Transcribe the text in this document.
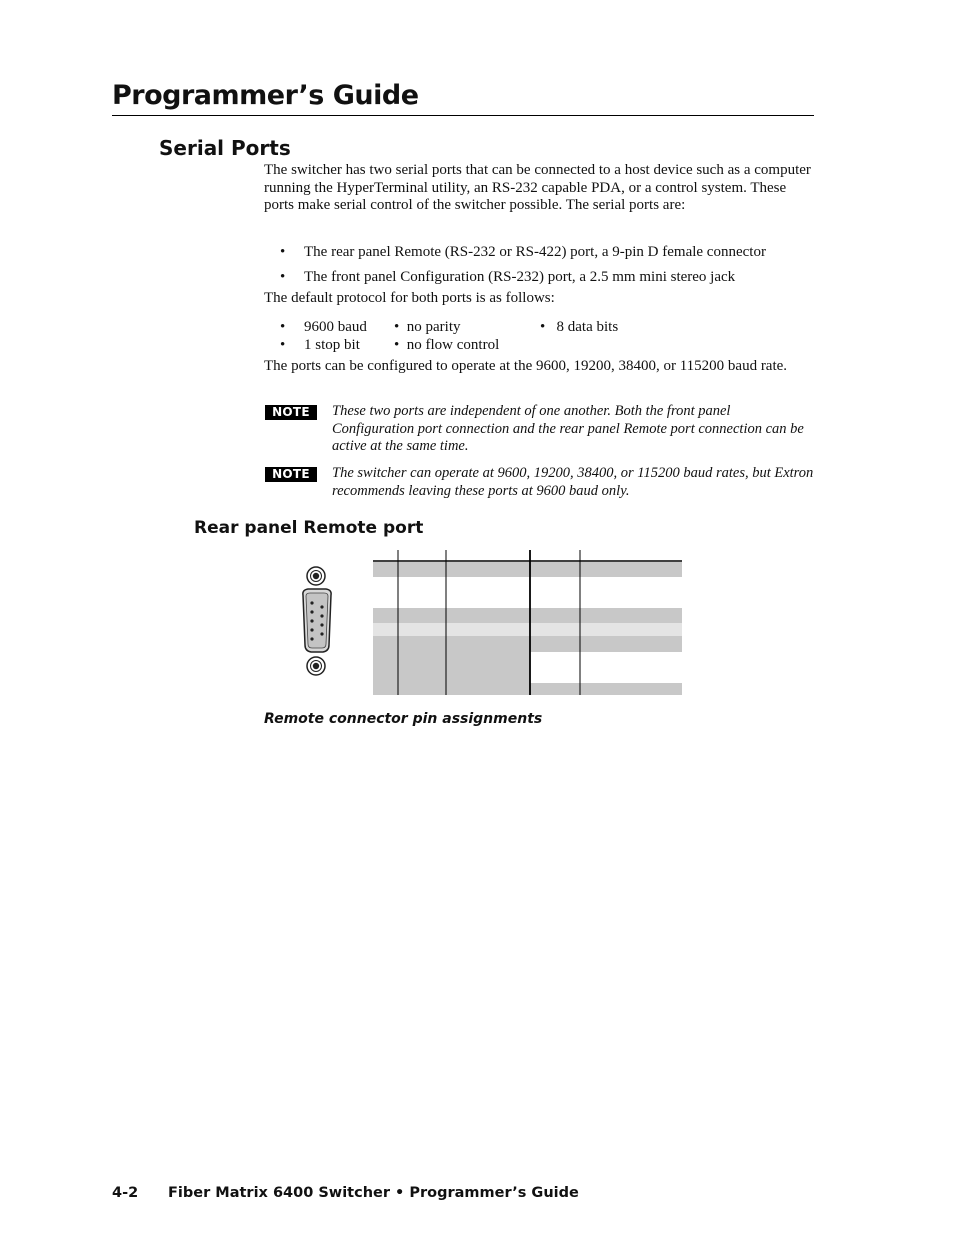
Programmer’s Guide
Serial Ports
The switcher has two serial ports that can be connected to a host device such as a computer running the HyperTerminal utility, an RS-232 capable PDA, or a control system. These ports make serial control of the switcher possible. The serial ports are:
• The rear panel Remote (RS-232 or RS-422) port, a 9-pin D female connector
• The front panel Configuration (RS-232) port, a 2.5 mm mini stereo jack
The default protocol for both ports is as follows:
•     9600 baud •  no parity	•   8 data bits
•     1 stop bit •  no flow control
The ports can be configured to operate at the 9600, 19200, 38400, or 115200 baud rate.
NOTE	These two ports are independent of one another. Both the front panel Configuration port connection and the rear panel Remote port connection can be active at the same time.
NOTE	The switcher can operate at 9600, 19200, 38400, or 115200 baud rates, but Extron recommends leaving these ports at 9600 baud only.
Rear panel Remote port
Remote connector pin assignments
4-2 Fiber Matrix 6400 Switcher • Programmer’s Guide
